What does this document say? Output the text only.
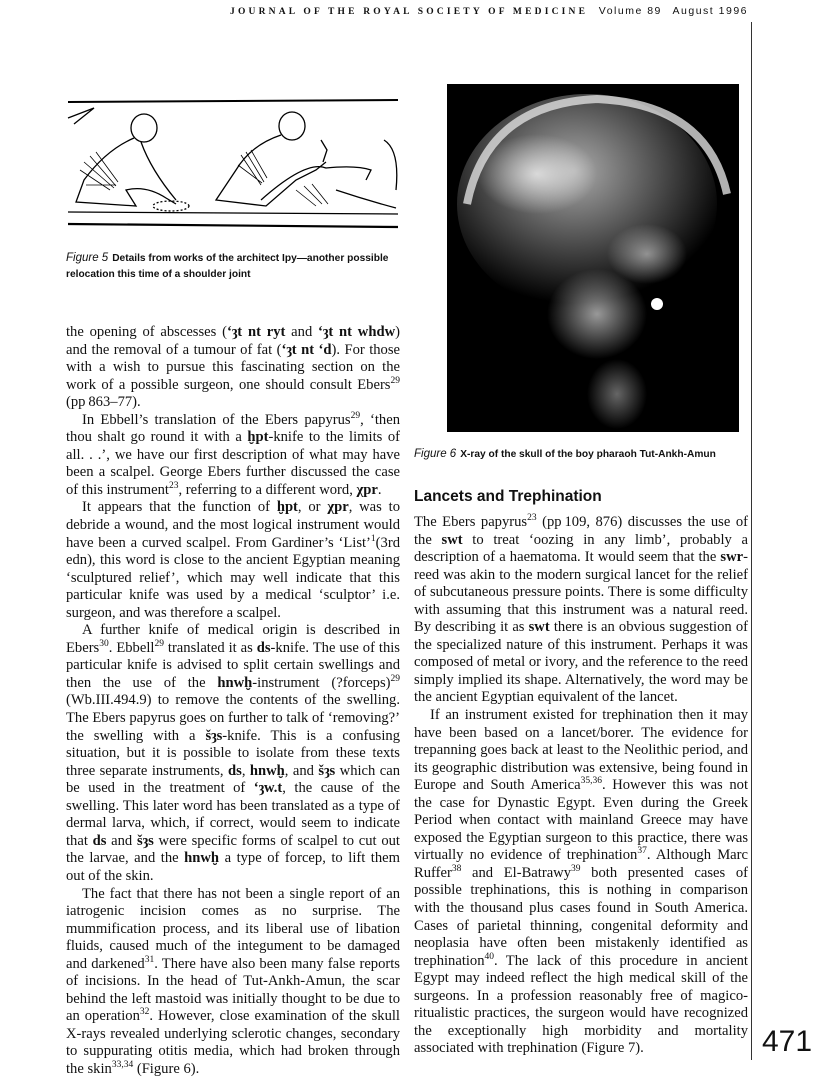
JOURNAL OF THE ROYAL SOCIETY OF MEDICINE Volume 89 August 1996
471
Figure 5 Details from works of the architect Ipy—another possible relocation this time of a shoulder joint
Figure 6 X-ray of the skull of the boy pharaoh Tut-Ankh-Amun
Lancets and Trephination

the opening of abscesses (‘ȝt nt ryt and ‘ȝt nt whdw) and the removal of a tumour of fat (‘ȝt nt ‘d). For those with a wish to pursue this fascinating section on the work of a possible surgeon, one should consult Ebers$^{29}$ (pp 863–77).

In Ebbell’s translation of the Ebers papyrus$^{29}$, ‘then thou shalt go round it with a ḫpt-knife to the limits of all. . .’, we have our first description of what may have been a scalpel. George Ebers further discussed the case of this instrument$^{23}$, referring to a different word, χpr.

It appears that the function of ḫpt, or χpr, was to debride a wound, and the most logical instrument would have been a curved scalpel. From Gardiner’s ‘List’$^1$(3rd edn), this word is close to the ancient Egyptian meaning ‘sculptured relief’, which may well indicate that this particular knife was used by a medical ‘sculptor’ i.e. surgeon, and was therefore a scalpel.

A further knife of medical origin is described in Ebers$^{30}$. Ebbell$^{29}$ translated it as ds-knife. The use of this particular knife is advised to split certain swellings and then the use of the hnwḫ-instrument (?forceps)$^{29}$ (Wb.III.494.9) to remove the contents of the swelling. The Ebers papyrus goes on further to talk of ‘removing?’ the swelling with a šȝs-knife. This is a confusing situation, but it is possible to isolate from these texts three separate instruments, ds, hnwḫ, and šȝs which can be used in the treatment of ‘ȝw.t, the cause of the swelling. This later word has been translated as a type of dermal larva, which, if correct, would seem to indicate that ds and šȝs were specific forms of scalpel to cut out the larvae, and the hnwḫ a type of forcep, to lift them out of the skin.

The fact that there has not been a single report of an iatrogenic incision comes as no surprise. The mummification process, and its liberal use of libation fluids, caused much of the integument to be damaged and darkened$^{31}$. There have also been many false reports of incisions. In the head of Tut-Ankh-Amun, the scar behind the left mastoid was initially thought to be due to an operation$^{32}$. However, close examination of the skull X-rays revealed underlying sclerotic changes, secondary to suppurating otitis media, which had broken through the skin$^{33,34}$ (Figure 6).

The Ebers papyrus$^{23}$ (pp 109, 876) discusses the use of the swt to treat ‘oozing in any limb’, probably a description of a haematoma. It would seem that the swr-reed was akin to the modern surgical lancet for the relief of subcutaneous pressure points. There is some difficulty with assuming that this instrument was a natural reed. By describing it as swt there is an obvious suggestion of the specialized nature of this instrument. Perhaps it was composed of metal or ivory, and the reference to the reed simply implied its shape. Alternatively, the word may be the ancient Egyptian equivalent of the lancet.

If an instrument existed for trephination then it may have been based on a lancet/borer. The evidence for trepanning goes back at least to the Neolithic period, and its geographic distribution was extensive, being found in Europe and South America$^{35,36}$. However this was not the case for Dynastic Egypt. Even during the Greek Period when contact with mainland Greece may have exposed the Egyptian surgeon to this practice, there was virtually no evidence of trephination$^{37}$. Although Marc Ruffer$^{38}$ and El-Batrawy$^{39}$ both presented cases of possible trephinations, this is nothing in comparison with the thousand plus cases found in South America. Cases of parietal thinning, congenital deformity and neoplasia have often been mistakenly identified as trephination$^{40}$. The lack of this procedure in ancient Egypt may indeed reflect the high medical skill of the surgeons. In a profession reasonably free of magico-ritualistic practices, the surgeon would have recognized the exceptionally high morbidity and mortality associated with trephination (Figure 7).
